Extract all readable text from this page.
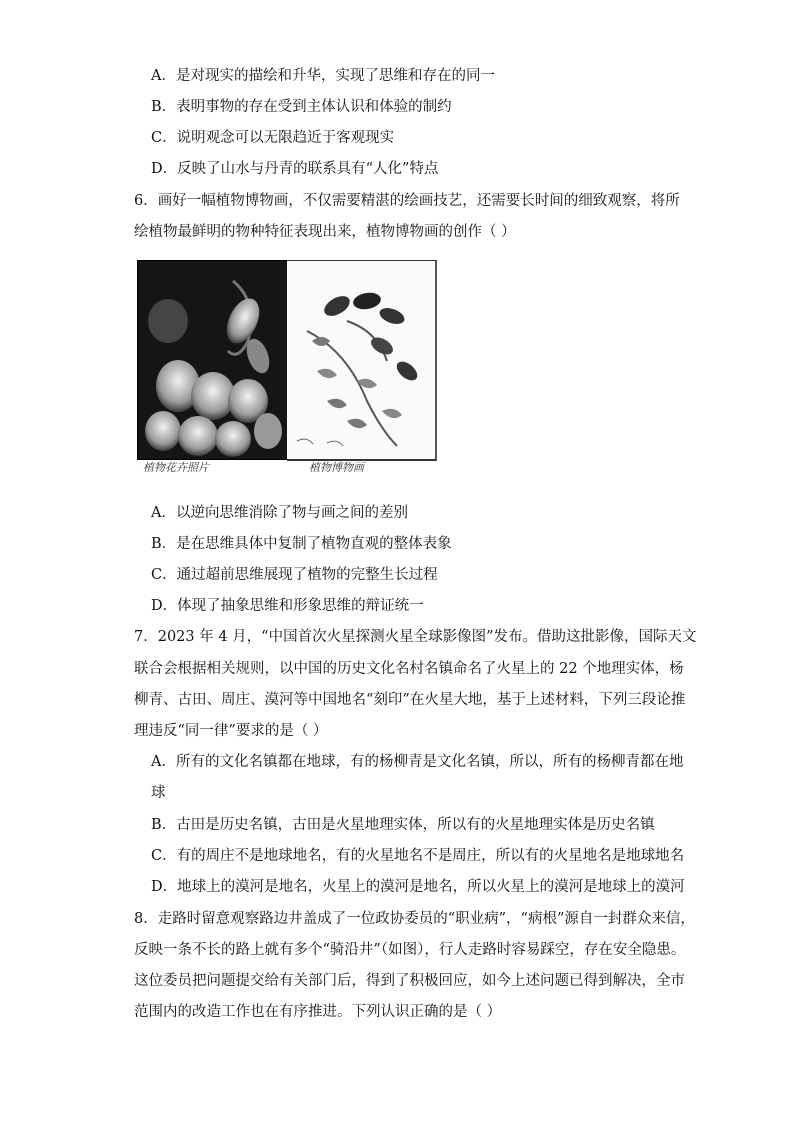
A．是对现实的描绘和升华，实现了思维和存在的同一
B．表明事物的存在受到主体认识和体验的制约
C．说明观念可以无限趋近于客观现实
D．反映了山水与丹青的联系具有“人化”特点
6．画好一幅植物博物画，不仅需要精湛的绘画技艺，还需要长时间的细致观察，将所
绘植物最鲜明的物种特征表现出来，植物博物画的创作（ ）
植物花卉照片	植物博物画
A．以逆向思维消除了物与画之间的差别
B．是在思维具体中复制了植物直观的整体表象
C．通过超前思维展现了植物的完整生长过程
D．体现了抽象思维和形象思维的辩证统一
7．2023 年 4 月，“中国首次火星探测火星全球影像图”发布。借助这批影像，国际天文
联合会根据相关规则，以中国的历史文化名村名镇命名了火星上的 22 个地理实体，杨
柳青、古田、周庄、漠河等中国地名“刻印”在火星大地，基于上述材料，下列三段论推
理违反“同一律”要求的是（ ）
A．所有的文化名镇都在地球，有的杨柳青是文化名镇，所以，所有的杨柳青都在地
球
B．古田是历史名镇，古田是火星地理实体，所以有的火星地理实体是历史名镇
C．有的周庄不是地球地名，有的火星地名不是周庄，所以有的火星地名是地球地名
D．地球上的漠河是地名，火星上的漠河是地名，所以火星上的漠河是地球上的漠河
8．走路时留意观察路边井盖成了一位政协委员的“职业病”，“病根”源自一封群众来信，
反映一条不长的路上就有多个“骑沿井”（如图），行人走路时容易踩空，存在安全隐患。
这位委员把问题提交给有关部门后，得到了积极回应，如今上述问题已得到解决，全市
范围内的改造工作也在有序推进。下列认识正确的是（ ）
